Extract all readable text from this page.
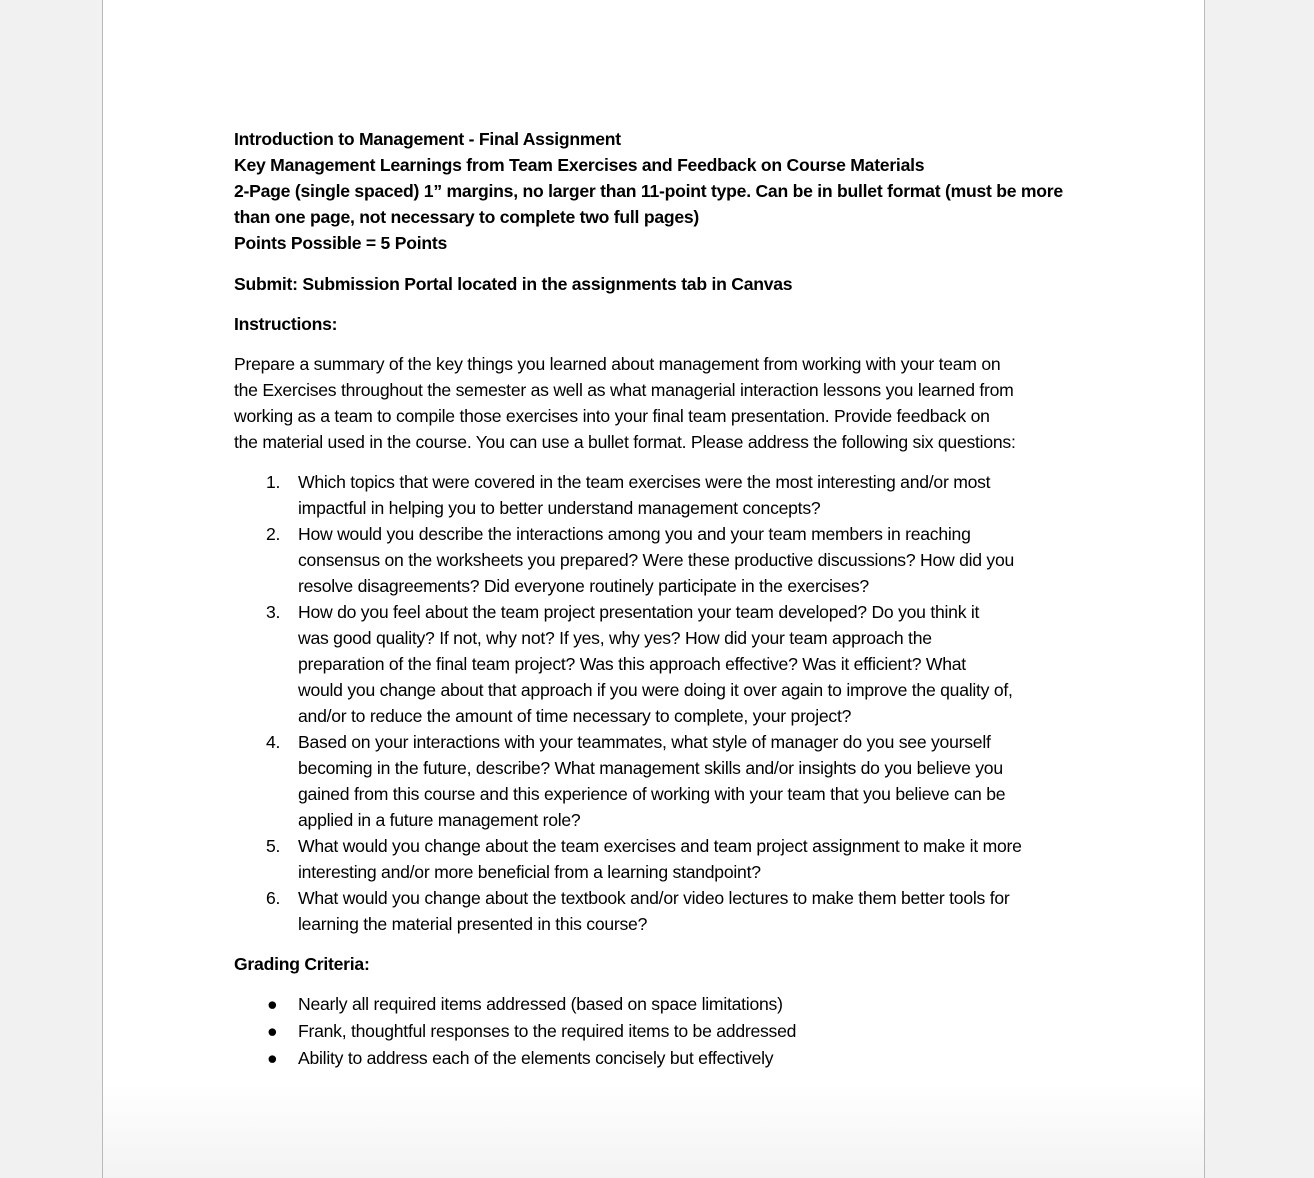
Introduction to Management - Final Assignment
Key Management Learnings from Team Exercises and Feedback on Course Materials
2-Page (single spaced) 1” margins, no larger than 11-point type. Can be in bullet format (must be more
than one page, not necessary to complete two full pages)
Points Possible = 5 Points
Submit: Submission Portal located in the assignments tab in Canvas
Instructions:
Prepare a summary of the key things you learned about management from working with your team on
the Exercises throughout the semester as well as what managerial interaction lessons you learned from
working as a team to compile those exercises into your final team presentation. Provide feedback on
the material used in the course. You can use a bullet format. Please address the following six questions:
1. Which topics that were covered in the team exercises were the most interesting and/or most
impactful in helping you to better understand management concepts?
2. How would you describe the interactions among you and your team members in reaching
consensus on the worksheets you prepared? Were these productive discussions? How did you
resolve disagreements? Did everyone routinely participate in the exercises?
3. How do you feel about the team project presentation your team developed? Do you think it
was good quality? If not, why not? If yes, why yes? How did your team approach the
preparation of the final team project? Was this approach effective? Was it efficient? What
would you change about that approach if you were doing it over again to improve the quality of,
and/or to reduce the amount of time necessary to complete, your project?
4. Based on your interactions with your teammates, what style of manager do you see yourself
becoming in the future, describe? What management skills and/or insights do you believe you
gained from this course and this experience of working with your team that you believe can be
applied in a future management role?
5. What would you change about the team exercises and team project assignment to make it more
interesting and/or more beneficial from a learning standpoint?
6. What would you change about the textbook and/or video lectures to make them better tools for
learning the material presented in this course?
Grading Criteria:
● Nearly all required items addressed (based on space limitations)
● Frank, thoughtful responses to the required items to be addressed
● Ability to address each of the elements concisely but effectively
